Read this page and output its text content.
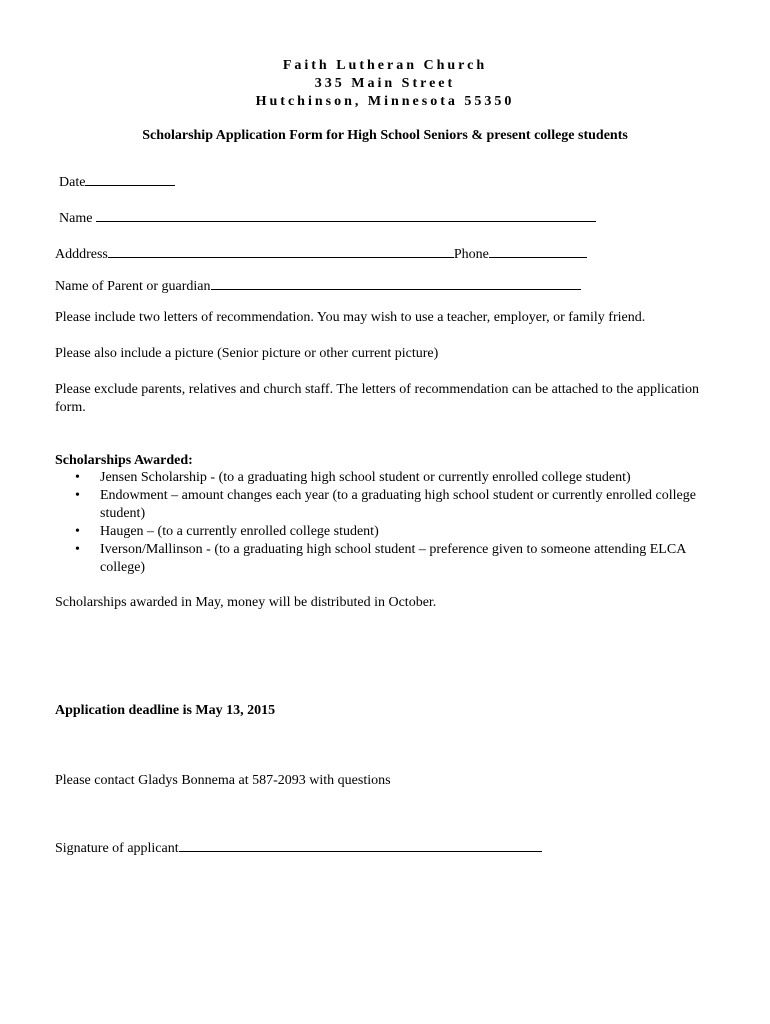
Faith Lutheran Church
335 Main Street
Hutchinson, Minnesota 55350
Scholarship Application Form for High School Seniors & present college students
Date
Name
Adddress	Phone
Name of Parent or guardian
Please include two letters of recommendation. You may wish to use a teacher, employer, or family friend.
Please also include a picture (Senior picture or other current picture)
Please exclude parents, relatives and church staff. The letters of recommendation can be attached to the application form.
Scholarships Awarded:
• Jensen Scholarship - (to a graduating high school student or currently enrolled college student)
• Endowment – amount changes each year (to a graduating high school student or currently enrolled college student)
• Haugen – (to a currently enrolled college student)
• Iverson/Mallinson - (to a graduating high school student – preference given to someone attending ELCA college)
Scholarships awarded in May, money will be distributed in October.
Application deadline is May 13, 2015
Please contact Gladys Bonnema at 587-2093 with questions
Signature of applicant
